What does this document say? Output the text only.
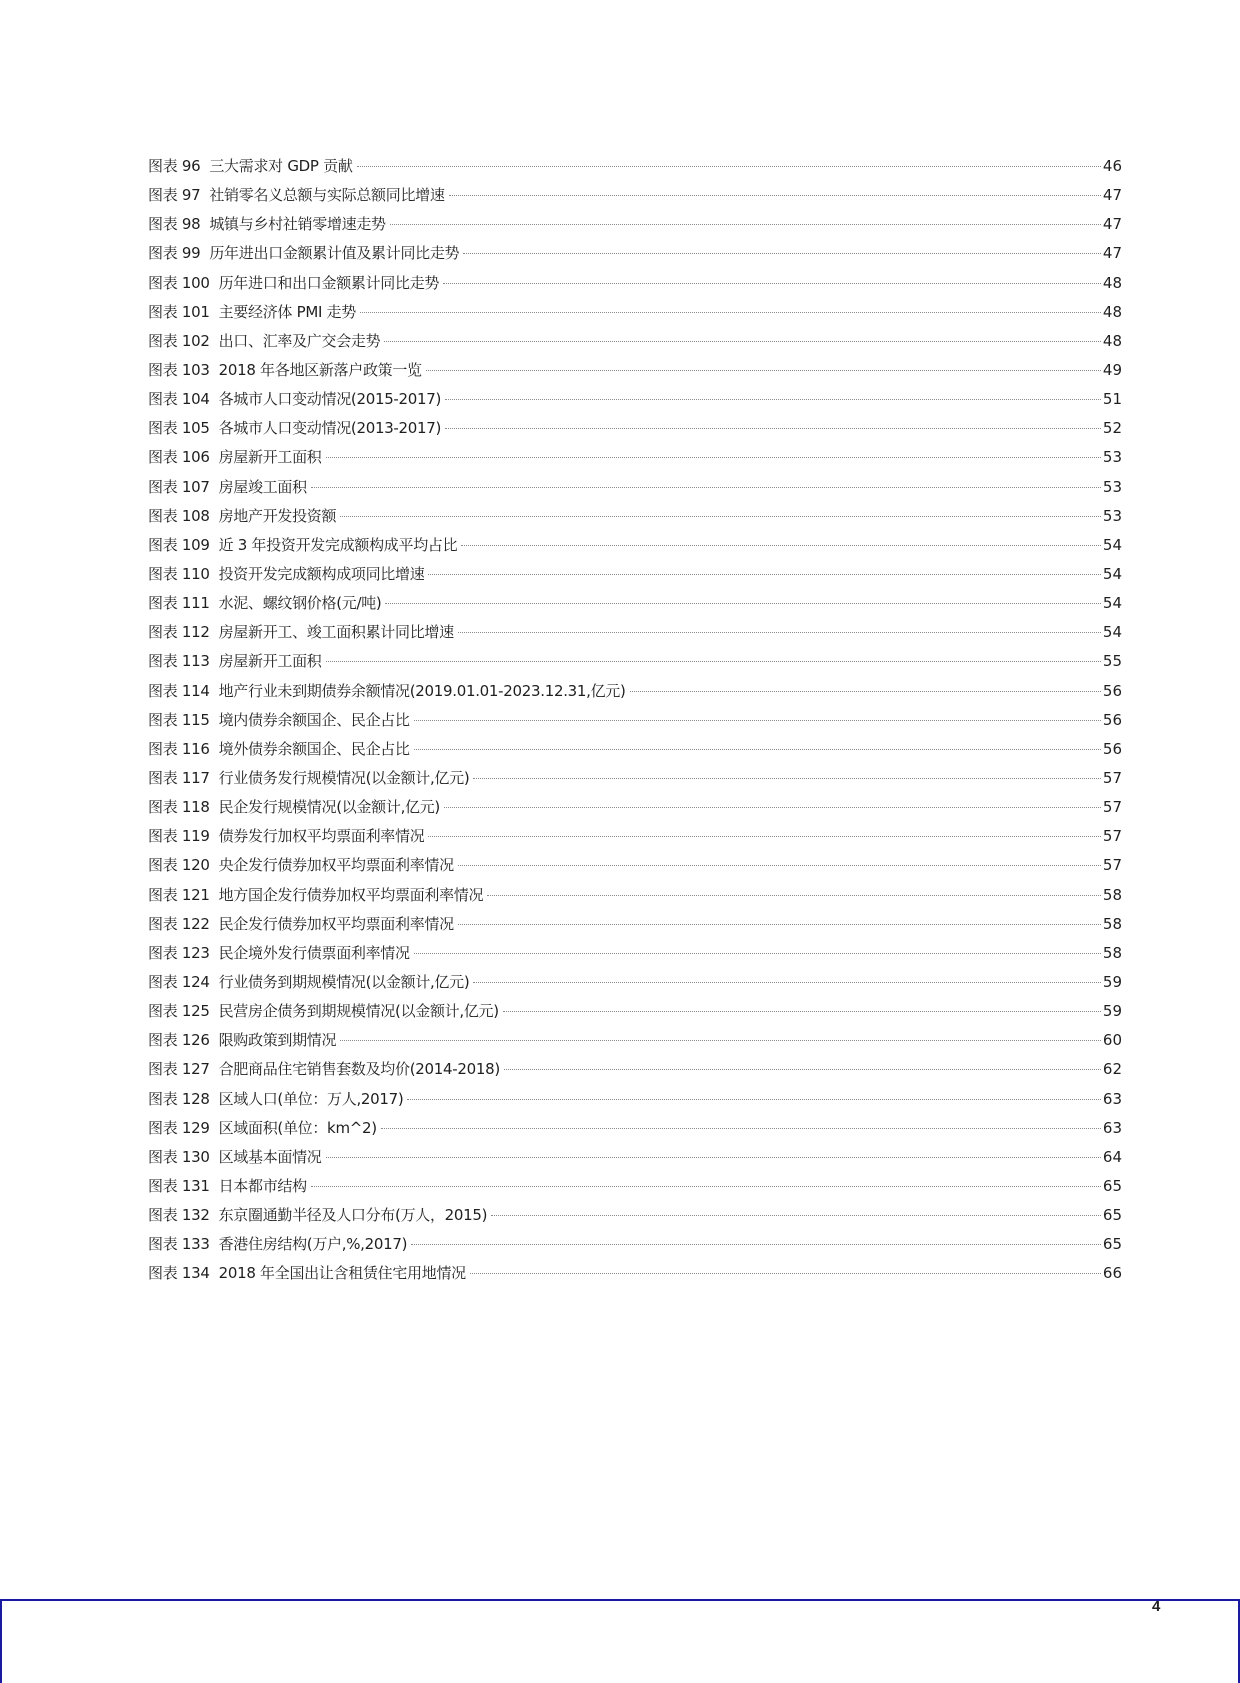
图表 96 三大需求对 GDP 贡献	46
图表 97 社销零名义总额与实际总额同比增速	47
图表 98 城镇与乡村社销零增速走势	47
图表 99 历年进出口金额累计值及累计同比走势	47
图表 100 历年进口和出口金额累计同比走势	48
图表 101 主要经济体 PMI 走势	48
图表 102 出口、汇率及广交会走势	48
图表 103 2018 年各地区新落户政策一览	49
图表 104 各城市人口变动情况(2015-2017)	51
图表 105 各城市人口变动情况(2013-2017)	52
图表 106 房屋新开工面积	53
图表 107 房屋竣工面积	53
图表 108 房地产开发投资额	53
图表 109 近 3 年投资开发完成额构成平均占比	54
图表 110 投资开发完成额构成项同比增速	54
图表 111 水泥、螺纹钢价格(元/吨)	54
图表 112 房屋新开工、竣工面积累计同比增速	54
图表 113 房屋新开工面积	55
图表 114 地产行业未到期债券余额情况(2019.01.01-2023.12.31,亿元)	56
图表 115 境内债券余额国企、民企占比	56
图表 116 境外债券余额国企、民企占比	56
图表 117 行业债务发行规模情况(以金额计,亿元)	57
图表 118 民企发行规模情况(以金额计,亿元)	57
图表 119 债券发行加权平均票面利率情况	57
图表 120 央企发行债券加权平均票面利率情况	57
图表 121 地方国企发行债券加权平均票面利率情况	58
图表 122 民企发行债券加权平均票面利率情况	58
图表 123 民企境外发行债票面利率情况	58
图表 124 行业债务到期规模情况(以金额计,亿元)	59
图表 125 民营房企债务到期规模情况(以金额计,亿元)	59
图表 126 限购政策到期情况	60
图表 127 合肥商品住宅销售套数及均价(2014-2018)	62
图表 128 区域人口(单位：万人,2017)	63
图表 129 区域面积(单位：km^2)	63
图表 130 区域基本面情况	64
图表 131 日本都市结构	65
图表 132 东京圈通勤半径及人口分布(万人，2015)	65
图表 133 香港住房结构(万户,%,2017)	65
图表 134 2018 年全国出让含租赁住宅用地情况	66
4
